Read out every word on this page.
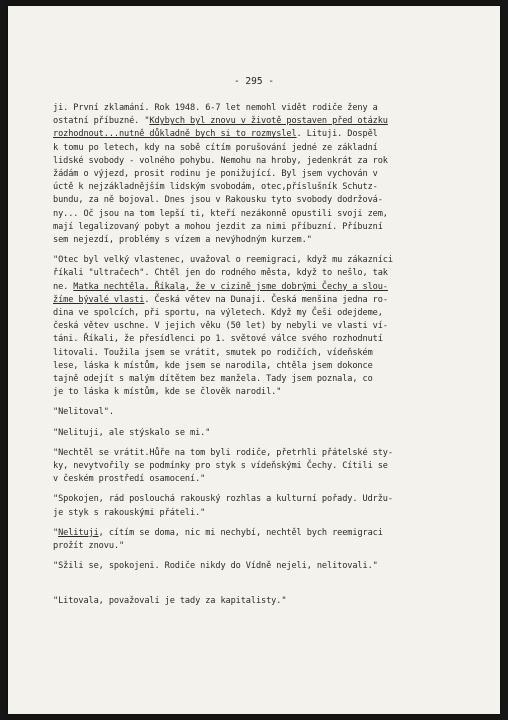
- 295 -
ji. První zklamání. Rok 1948. 6-7 let nemohl vidět rodiče ženy a
ostatní příbuzné. "Kdybych byl znovu v životě postaven před otázku
rozhodnout...nutně důkladně bych si to rozmyslel. Lituji. Dospěl
k tomu po letech, kdy na sobě cítím porušování jedné ze základní
lidské svobody - volného pohybu. Nemohu na hroby, jedenkrát za rok
žádám o výjezd, prosit rodinu je ponižující. Byl jsem vychován v
úctě k nejzákladnějším lidským svobodám, otec,příslušník Schutz-
bundu, za ně bojoval. Dnes jsou v Rakousku tyto svobody dodržová-
ny... Oč jsou na tom lepší ti, kteří nezákonně opustili svoji zem,
mají legalizovaný pobyt a mohou jezdit za nimi příbuzní. Příbuzní
sem nejezdí, problémy s vízem a nevýhodným kurzem."
"Otec byl velký vlastenec, uvažoval o reemigraci, když mu zákazníci
říkali "ultračech". Chtěl jen do rodného města, když to nešlo, tak
ne. Matka nechtěla. Říkala, že v cizině jsme dobrými Čechy a slou-
žíme bývalé vlasti. Česká větev na Dunaji. Česká menšina jedna ro-
dina ve spolcích, při sportu, na výletech. Když my Češi odejdeme,
česká větev uschne. V jejich věku (50 let) by nebyli ve vlasti ví-
táni. Říkali, že přesídlenci po 1. světové válce svého rozhodnutí
litovali. Toužila jsem se vrátit, smutek po rodičích, vídeňském
lese, láska k místům, kde jsem se narodila, chtěla jsem dokonce
tajně odejít s malým dítětem bez manžela. Tady jsem poznala, co
je to láska k místům, kde se člověk narodil."
"Nelitoval".
"Nelituji, ale stýskalo se mi."
"Nechtěl se vrátit.Hůře na tom byli rodiče, přetrhli přátelské sty-
ky, nevytvořily se podmínky pro styk s vídeňskými Čechy. Cítili se
v českém prostředí osamocení."
"Spokojen, rád poslouchá rakouský rozhlas a kulturní pořady. Udržu-
je styk s rakouskými přáteli."
"Nelituji, cítím se doma, nic mi nechybí, nechtěl bych reemigraci
prožít znovu."
"Sžili se, spokojeni. Rodiče nikdy do Vídně nejeli, nelitovali."
"Litovala, považovali je tady za kapitalisty."
